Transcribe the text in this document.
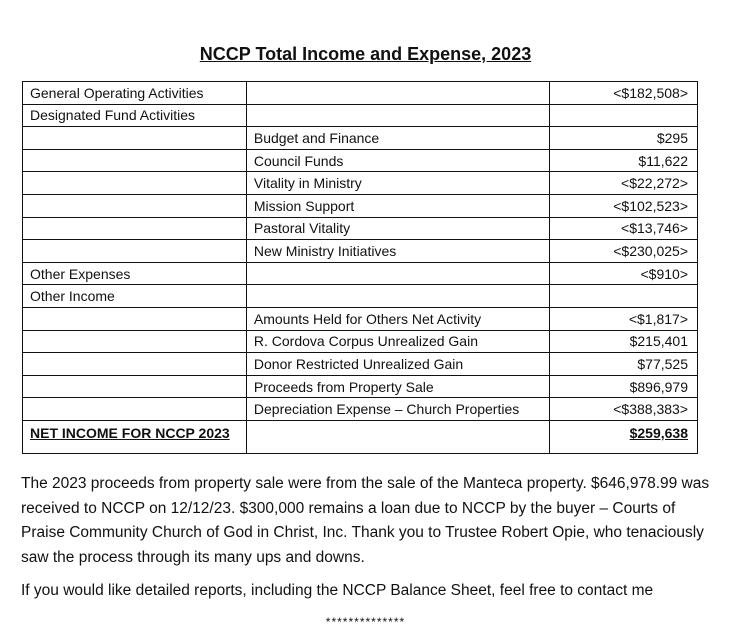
NCCP Total Income and Expense, 2023
General Operating Activities		<$182,508>
Designated Fund Activities		
	Budget and Finance	$295
	Council Funds	$11,622
	Vitality in Ministry	<$22,272>
	Mission Support	<$102,523>
	Pastoral Vitality	<$13,746>
	New Ministry Initiatives	<$230,025>
Other Expenses		<$910>
Other Income		
	Amounts Held for Others Net Activity	<$1,817>
	R. Cordova Corpus Unrealized Gain	$215,401
	Donor Restricted Unrealized Gain	$77,525
	Proceeds from Property Sale	$896,979
	Depreciation Expense – Church Properties	<$388,383>
NET INCOME FOR NCCP 2023		$259,638
The 2023 proceeds from property sale were from the sale of the Manteca property. $646,978.99 was received to NCCP on 12/12/23. $300,000 remains a loan due to NCCP by the buyer – Courts of Praise Community Church of God in Christ, Inc. Thank you to Trustee Robert Opie, who tenaciously saw the process through its many ups and downs.
If you would like detailed reports, including the NCCP Balance Sheet, feel free to contact me
**************
